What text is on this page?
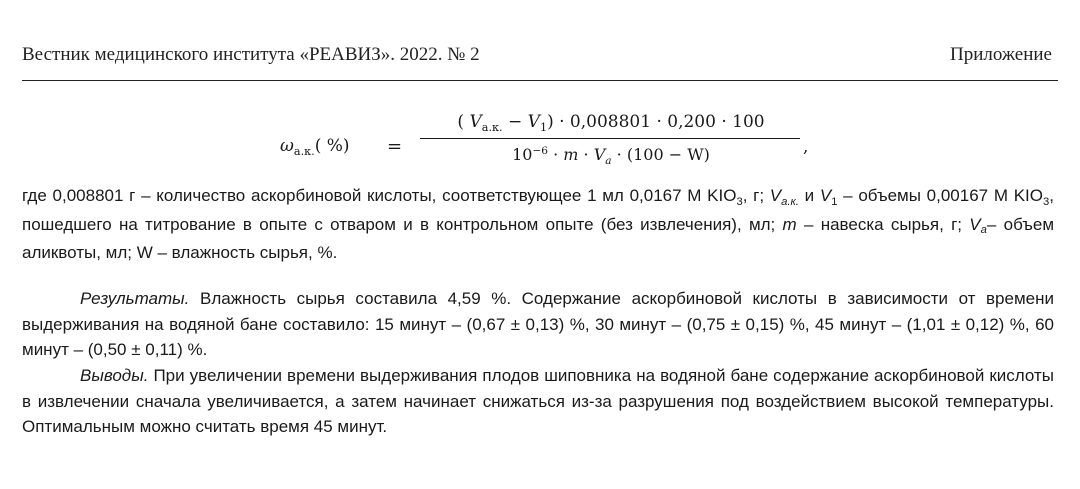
Вестник медицинского института «РЕАВИЗ». 2022. № 2	Приложение
$\omega_{а.к.}$( %) =
( $V_{а.к.} - V_1) \cdot 0,008801 \cdot 0,200 \cdot 100$
$10^{-6} \cdot m \cdot V_a \cdot (100 - W)$	,

где 0,008801 г – количество аскорбиновой кислоты, соответствующее 1 мл 0,0167 M $KIO_3$, г; $V_{а.к.}$ и $V_1$ – объемы 0,00167 М $KIO_3$, пошедшего на титрование в опыте с отваром и в контрольном опыте (без извлечения), мл; m – навеска сырья, г; $V_a-$ объем аликвоты, мл; W – влажность сырья, %.

Результаты. Влажность сырья составила 4,59 %. Содержание аскорбиновой кислоты в зависимости от времени выдерживания на водяной бане составило: 15 минут – (0,67 ± 0,13) %, 30 минут – (0,75 ± 0,15) %, 45 минут – (1,01 ± 0,12) %, 60 минут – (0,50 ± 0,11) %.

Выводы. При увеличении времени выдерживания плодов шиповника на водяной бане содержание аскорбиновой кислоты в извлечении сначала увеличивается, а затем начинает снижаться из-за разрушения под воздействием высокой температуры. Оптимальным можно считать время 45 минут.
